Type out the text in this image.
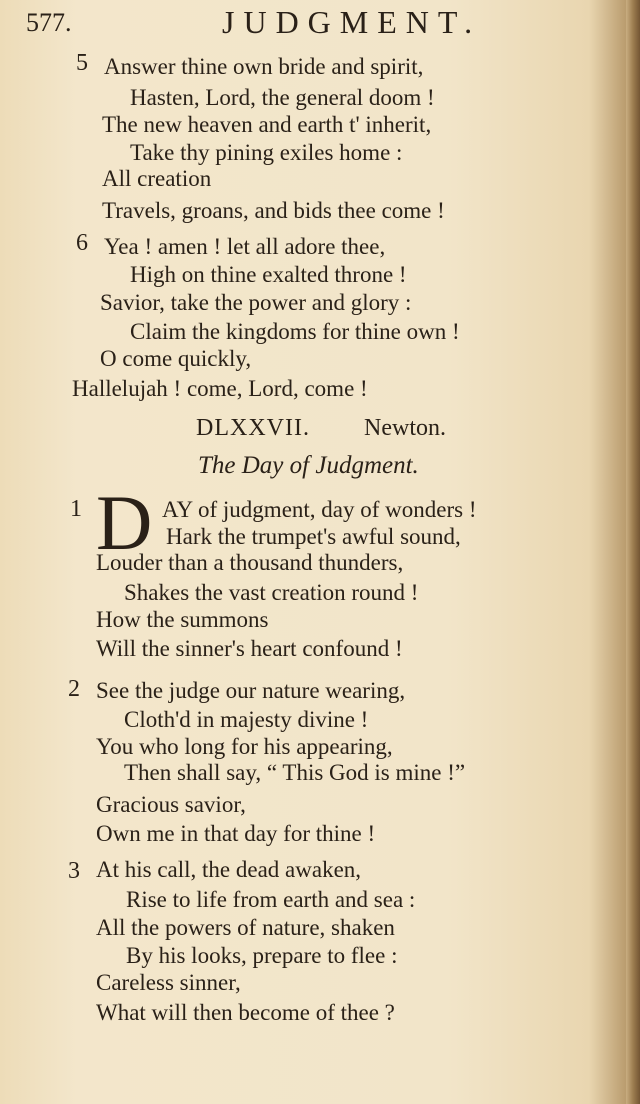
577.	JUDGMENT.
5 Answer thine own bride and spirit,
Hasten, Lord, the general doom !
The new heaven and earth t' inherit,
Take thy pining exiles home :
All creation
Travels, groans, and bids thee come !
6 Yea ! amen ! let all adore thee,
High on thine exalted throne !
Savior, take the power and glory :
Claim the kingdoms for thine own !
O come quickly,
Hallelujah ! come, Lord, come !
DLXXVII. Newton.
The Day of Judgment.
1 D AY of judgment, day of wonders !
Hark the trumpet's awful sound,
Louder than a thousand thunders,
Shakes the vast creation round !
How the summons
Will the sinner's heart confound !
2 See the judge our nature wearing,
Cloth'd in majesty divine !
You who long for his appearing,
Then shall say, “ This God is mine !”
Gracious savior,
Own me in that day for thine !
3 At his call, the dead awaken,
Rise to life from earth and sea :
All the powers of nature, shaken
By his looks, prepare to flee :
Careless sinner,
What will then become of thee ?
